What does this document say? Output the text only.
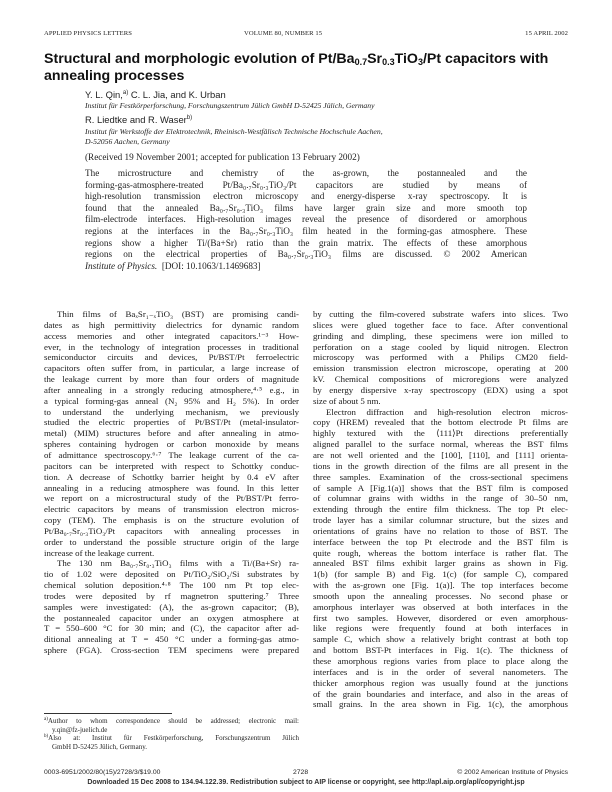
APPLIED PHYSICS LETTERS	VOLUME 80, NUMBER 15	15 APRIL 2002
Structural and morphologic evolution of $Pt/Ba_{0.7}Sr_{0.3}TiO_3/Pt$ capacitors with
annealing processes
Y. L. Qin,$^{a)}$ C. L. Jia, and K. Urban
Institut für Festkörperforschung, Forschungszentrum Jülich GmbH D-52425 Jülich, Germany
R. Liedtke and R. Waser$^{b)}$
Institut für Werkstoffe der Elektrotechnik, Rheinisch-Westfälisch Technische Hochschule Aachen,
D-52056 Aachen, Germany
(Received 19 November 2001; accepted for publication 13 February 2002)
The microstructure and chemistry of the as-grown, the postannealed and the
forming-gas-atmosphere-treated Pt/Ba₀.₇Sr₀.₃TiO₃/Pt capacitors are studied by means of
high-resolution transmission electron microscopy and energy-disperse x-ray spectroscopy. It is
found that the annealed Ba₀.₇Sr₀.₃TiO₃ films have larger grain size and more smooth top
film-electrode interfaces. High-resolution images reveal the presence of disordered or amorphous
regions at the interfaces in the Ba₀.₇Sr₀.₃TiO₃ film heated in the forming-gas atmosphere. These
regions show a higher Ti/(Ba+Sr) ratio than the grain matrix. The effects of these amorphous
regions on the electrical properties of Ba₀.₇Sr₀.₃TiO₃ films are discussed. © 2002 American
Institute of Physics. [DOI: 10.1063/1.1469683]
Thin films of BaₓSr₁₋ₓTiO₃ (BST) are promising candi-
dates as high permittivity dielectrics for dynamic random
access memories and other integrated capacitors.¹⁻³ How-
ever, in the technology of integration processes in traditional
semiconductor circuits and devices, Pt/BST/Pt ferroelectric
capacitors often suffer from, in particular, a large increase of
the leakage current by more than four orders of magnitude
after annealing in a strongly reducing atmosphere,⁴·⁵ e.g., in
a typical forming-gas anneal (N₂ 95% and H₂ 5%). In order
to understand the underlying mechanism, we previously
studied the electric properties of Pt/BST/Pt (metal-insulator-
metal) (MIM) structures before and after annealing in atmo-
spheres containing hydrogen or carbon monoxide by means
of admittance spectroscopy.⁶·⁷ The leakage current of the ca-
pacitors can be interpreted with respect to Schottky conduc-
tion. A decrease of Schottky barrier height by 0.4 eV after
annealing in a reducing atmosphere was found. In this letter
we report on a microstructural study of the Pt/BST/Pt ferro-
electric capacitors by means of transmission electron micros-
copy (TEM). The emphasis is on the structure evolution of
Pt/Ba₀.₇Sr₀.₃TiO₃/Pt capacitors with annealing processes in
order to understand the possible structure origin of the large
increase of the leakage current.
The 130 nm Ba₀.₇Sr₀.₃TiO₃ films with a Ti/(Ba+Sr) ra-
tio of 1.02 were deposited on Pt/TiO₂/SiO₂/Si substrates by
chemical solution deposition.⁴·⁸ The 100 nm Pt top elec-
trodes were deposited by rf magnetron sputtering.⁷ Three
samples were investigated: (A), the as-grown capacitor; (B),
the postannealed capacitor under an oxygen atmosphere at
T = 550–600 °C for 30 min; and (C), the capacitor after ad-
ditional annealing at T = 450 °C under a forming-gas atmo-
sphere (FGA). Cross-section TEM specimens were prepared
by cutting the film-covered substrate wafers into slices. Two
slices were glued together face to face. After conventional
grinding and dimpling, these specimens were ion milled to
perforation on a stage cooled by liquid nitrogen. Electron
microscopy was performed with a Philips CM20 field-
emission transmission electron microscope, operating at 200
kV. Chemical compositions of microregions were analyzed
by energy dispersive x-ray spectroscopy (EDX) using a spot
size of about 5 nm.
Electron diffraction and high-resolution electron micros-
copy (HREM) revealed that the bottom electrode Pt films are
highly textured with the ⟨111⟩Pt directions preferentially
aligned parallel to the surface normal, whereas the BST films
are not well oriented and the [100], [110], and [111] orienta-
tions in the growth direction of the films are all present in the
three samples. Examination of the cross-sectional specimens
of sample A [Fig.1(a)] shows that the BST film is composed
of columnar grains with widths in the range of 30–50 nm,
extending through the entire film thickness. The top Pt elec-
trode layer has a similar columnar structure, but the sizes and
orientations of grains have no relation to those of BST. The
interface between the top Pt electrode and the BST film is
quite rough, whereas the bottom interface is rather flat. The
annealed BST films exhibit larger grains as shown in Fig.
1(b) (for sample B) and Fig. 1(c) (for sample C), compared
with the as-grown one [Fig. 1(a)]. The top interfaces become
smooth upon the annealing processes. No second phase or
amorphous interlayer was observed at both interfaces in the
first two samples. However, disordered or even amorphous-
like regions were frequently found at both interfaces in
sample C, which show a relatively bright contrast at both top
and bottom BST-Pt interfaces in Fig. 1(c). The thickness of
these amorphous regions varies from place to place along the
interfaces and is in the order of several nanometers. The
thicker amorphous region was usually found at the junctions
of the grain boundaries and interface, and also in the areas of
small grains. In the area shown in Fig. 1(c), the amorphous
$^{a)}$Author to whom correspondence should be addressed; electronic mail:
y.qin@fz-juelich.de
$^{b)}$Also at: Institut für Festkörperforschung, Forschungszentrum Jülich
GmbH D-52425 Jülich, Germany.
0003-6951/2002/80(15)/2728/3/$19.00	2728	© 2002 American Institute of Physics
Downloaded 15 Dec 2008 to 134.94.122.39. Redistribution subject to AIP license or copyright, see http://apl.aip.org/apl/copyright.jsp
